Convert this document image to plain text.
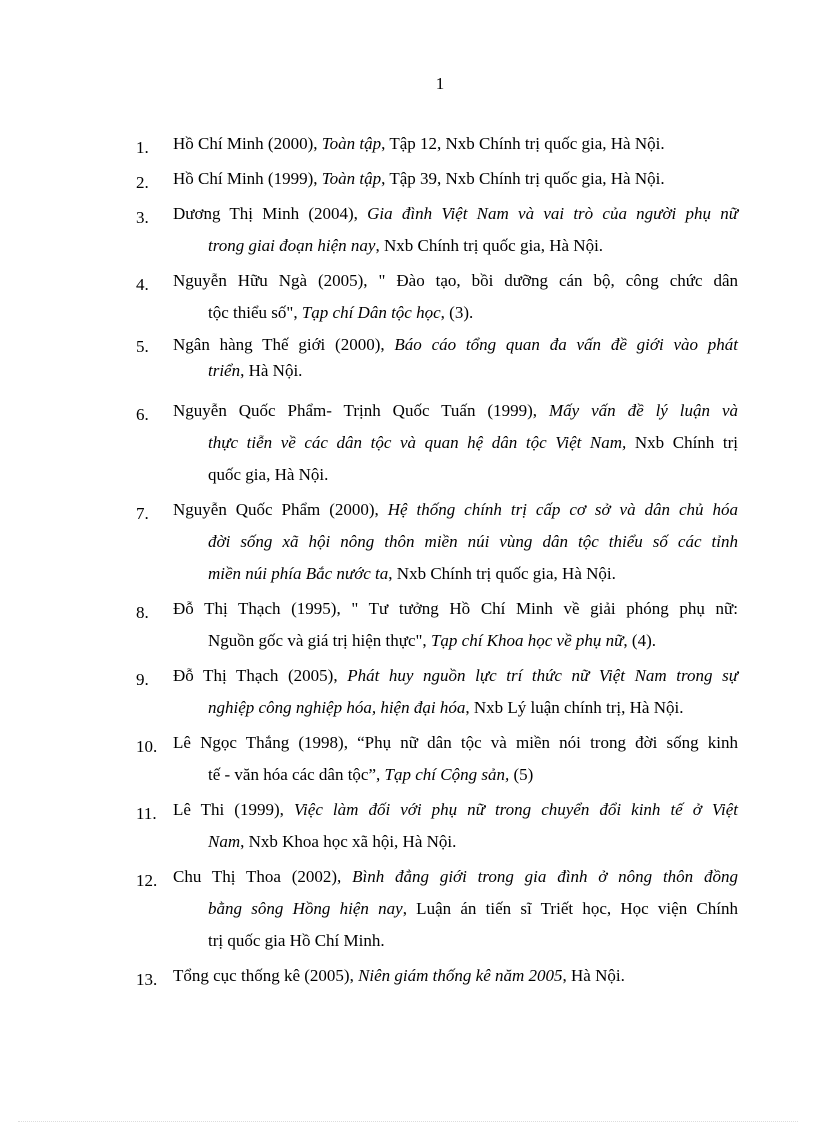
1
1. Hồ Chí Minh (2000), Toàn tập, Tập 12, Nxb Chính trị quốc gia, Hà Nội.
2. Hồ Chí Minh (1999), Toàn tập, Tập 39, Nxb Chính trị quốc gia, Hà Nội.
3. Dương Thị Minh (2004), Gia đình Việt Nam và vai trò của người phụ nữ
trong giai đoạn hiện nay, Nxb Chính trị quốc gia, Hà Nội.
4. Nguyễn Hữu Ngà (2005), " Đào tạo, bồi dưỡng cán bộ, công chức dân
tộc thiểu số", Tạp chí Dân tộc học, (3).
5. Ngân hàng Thế giới (2000), Báo cáo tổng quan đa vấn đề giới vào phát
triển, Hà Nội.
6. Nguyễn Quốc Phẩm- Trịnh Quốc Tuấn (1999), Mấy vấn đề lý luận và
thực tiễn về các dân tộc và quan hệ dân tộc Việt Nam, Nxb Chính trị
quốc gia, Hà Nội.
7. Nguyễn Quốc Phẩm (2000), Hệ thống chính trị cấp cơ sở và dân chủ hóa
đời sống xã hội nông thôn miền núi vùng dân tộc thiểu số các tỉnh
miền núi phía Bắc nước ta, Nxb Chính trị quốc gia, Hà Nội.
8. Đỗ Thị Thạch (1995), " Tư tưởng Hồ Chí Minh về giải phóng phụ nữ:
Nguồn gốc và giá trị hiện thực", Tạp chí Khoa học về phụ nữ, (4).
9. Đỗ Thị Thạch (2005), Phát huy nguồn lực trí thức nữ Việt Nam trong sự
nghiệp công nghiệp hóa, hiện đại hóa, Nxb Lý luận chính trị, Hà Nội.
10. Lê Ngọc Thắng (1998), “Phụ nữ dân tộc và miền nói trong đời sống kinh
tế - văn hóa các dân tộc”, Tạp chí Cộng sản, (5)
11. Lê Thi (1999), Việc làm đối với phụ nữ trong chuyển đổi kinh tế ở Việt
Nam, Nxb Khoa học xã hội, Hà Nội.
12. Chu Thị Thoa (2002), Bình đẳng giới trong gia đình ở nông thôn đồng
bằng sông Hồng hiện nay, Luận án tiến sĩ Triết học, Học viện Chính
trị quốc gia Hồ Chí Minh.
13. Tổng cục thống kê (2005), Niên giám thống kê năm 2005, Hà Nội.
